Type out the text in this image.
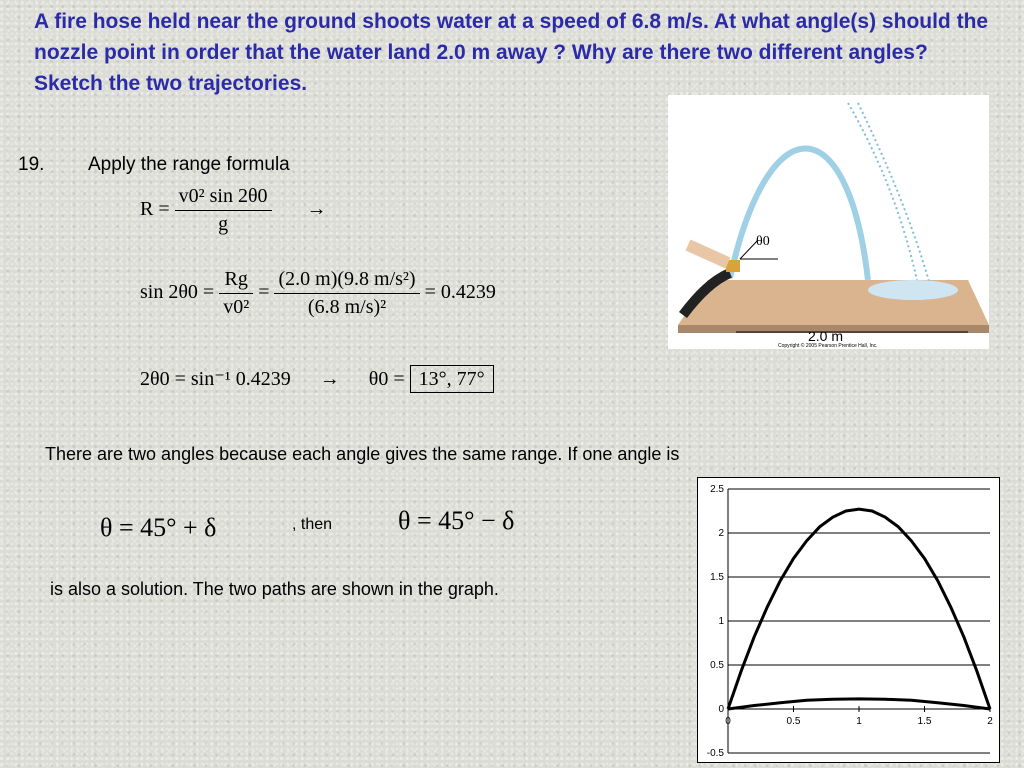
A fire hose held near the ground shoots water at a speed of 6.8 m/s. At what angle(s) should the nozzle point in order that the water land 2.0 m away ? Why are there two different angles? Sketch the two trajectories.
19. Apply the range formula
$R = \frac{\text{v0² sin 2θ0}}{g}$ →
$\sin 2\theta 0 = \frac{Rg}{\text{v0²}} = \frac{\text{(2.0 m)(9.8 m/s²)}}{\text{(6.8 m/s)²}} = 0.4239$
2θ0 = sin⁻¹ 0.4239 → θ0 = 13°, 77°
There are two angles because each angle gives the same range. If one angle is
θ = 45° + δ	, then	θ = 45° − δ
is also a solution. The two paths are shown in the graph.
θ0
2.0 m
Copyright © 2005 Pearson Prentice Hall, Inc.
2.5
2
1.5
1
0.5
0
-0.5
0	0.5	1	1.5	2
